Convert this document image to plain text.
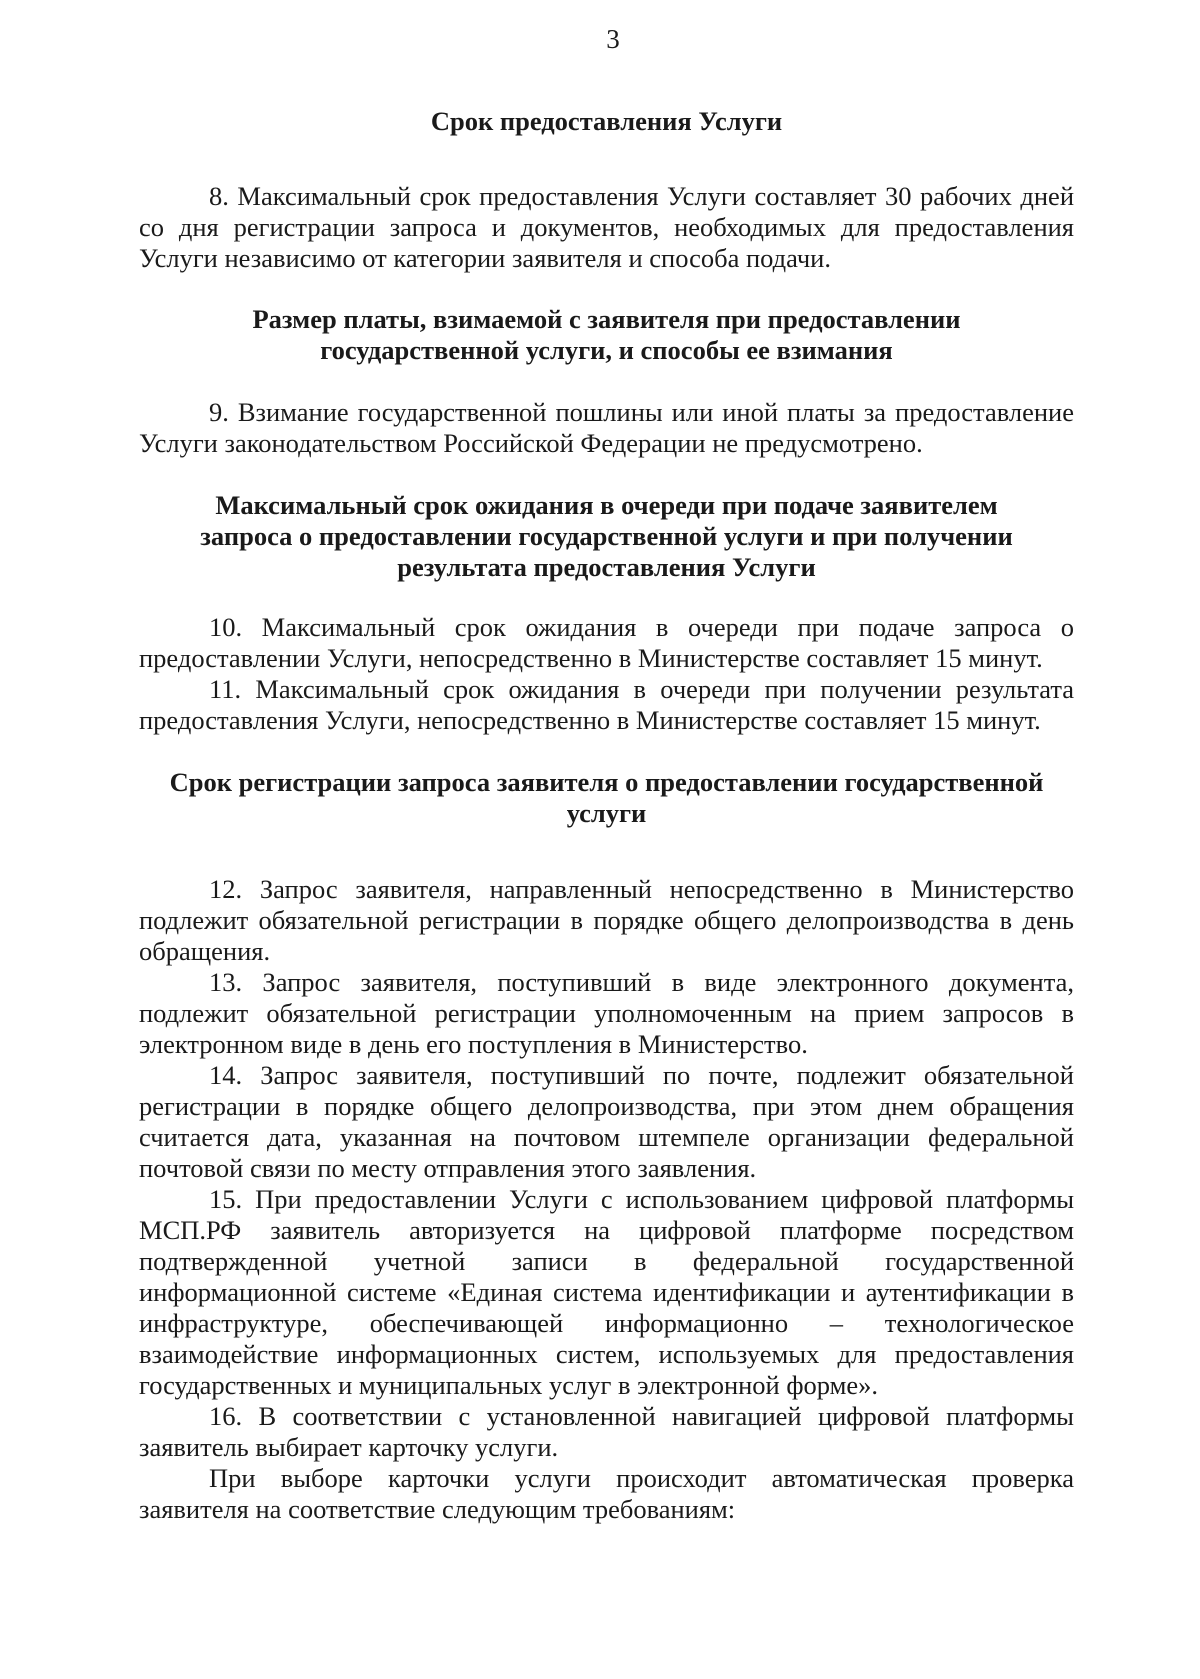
3

Срок предоставления Услуги

8. Максимальный срок предоставления Услуги составляет 30 рабочих дней со дня регистрации запроса и документов, необходимых для предоставления Услуги независимо от категории заявителя и способа подачи.

Размер платы, взимаемой с заявителя при предоставлении
государственной услуги, и способы ее взимания

9. Взимание государственной пошлины или иной платы за предоставление Услуги законодательством Российской Федерации не предусмотрено.

Максимальный срок ожидания в очереди при подаче заявителем
запроса о предоставлении государственной услуги и при получении
результата предоставления Услуги

10. Максимальный срок ожидания в очереди при подаче запроса о предоставлении Услуги, непосредственно в Министерстве составляет 15 минут.

11. Максимальный срок ожидания в очереди при получении результата предоставления Услуги, непосредственно в Министерстве составляет 15 минут.

Срок регистрации запроса заявителя о предоставлении государственной
услуги

12. Запрос заявителя, направленный непосредственно в Министерство подлежит обязательной регистрации в порядке общего делопроизводства в день обращения.

13. Запрос заявителя, поступивший в виде электронного документа, подлежит обязательной регистрации уполномоченным на прием запросов в электронном виде в день его поступления в Министерство.

14. Запрос заявителя, поступивший по почте, подлежит обязательной регистрации в порядке общего делопроизводства, при этом днем обращения считается дата, указанная на почтовом штемпеле организации федеральной почтовой связи по месту отправления этого заявления.

15. При предоставлении Услуги с использованием цифровой платформы МСП.РФ заявитель авторизуется на цифровой платформе посредством подтвержденной учетной записи в федеральной государственной информационной системе «Единая система идентификации и аутентификации в инфраструктуре, обеспечивающей информационно – технологическое взаимодействие информационных систем, используемых для предоставления государственных и муниципальных услуг в электронной форме».

16. В соответствии с установленной навигацией цифровой платформы заявитель выбирает карточку услуги.

При выборе карточки услуги происходит автоматическая проверка заявителя на соответствие следующим требованиям:
